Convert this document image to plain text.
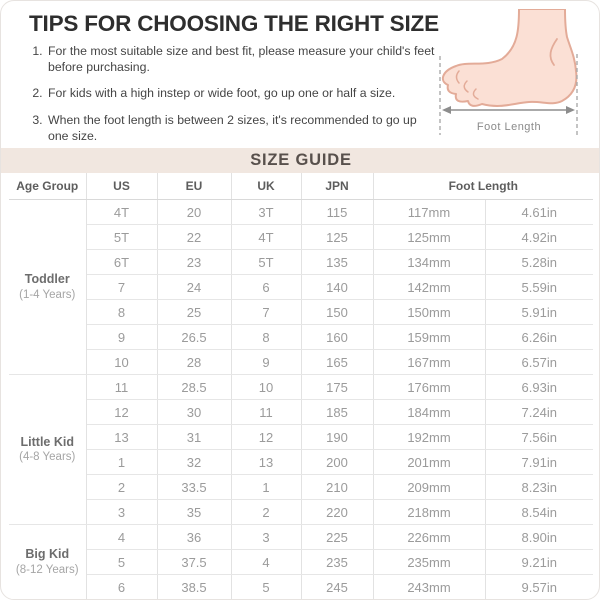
TIPS FOR CHOOSING THE RIGHT SIZE
1. For the most suitable size and best fit, please measure your child's feet before purchasing.
2. For kids with a high instep or wide foot, go up one or half a size.
3. When the foot length is between 2 sizes, it's recommended to go up one size.
Foot Length
SIZE GUIDE
Age Group	US	EU	UK	JPN	Foot Length	

Toddler
(1-4 Years)	4T	20	3T	115	117mm	4.61in
	5T	22	4T	125	125mm	4.92in
	6T	23	5T	135	134mm	5.28in
	7	24	6	140	142mm	5.59in
	8	25	7	150	150mm	5.91in
	9	26.5	8	160	159mm	6.26in
	10	28	9	165	167mm	6.57in

Little Kid
(4-8 Years)	11	28.5	10	175	176mm	6.93in
	12	30	11	185	184mm	7.24in
	13	31	12	190	192mm	7.56in
	1	32	13	200	201mm	7.91in
	2	33.5	1	210	209mm	8.23in
	3	35	2	220	218mm	8.54in

Big Kid
(8-12 Years)	4	36	3	225	226mm	8.90in
	5	37.5	4	235	235mm	9.21in
	6	38.5	5	245	243mm	9.57in
